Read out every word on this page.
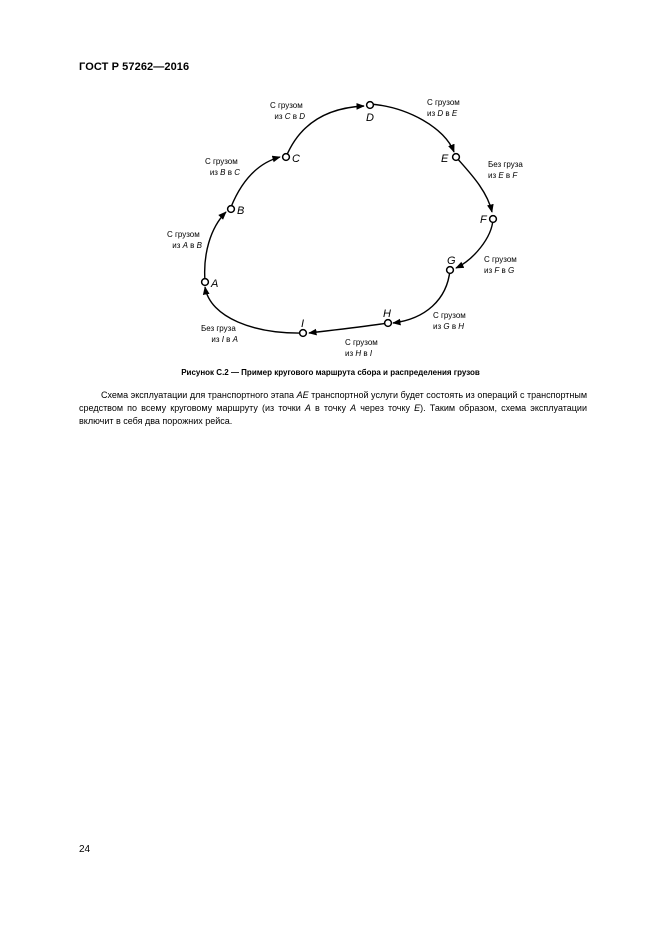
ГОСТ Р 57262—2016
A
B
C
D
E
F
G
H
I
С грузом из A в B
С грузом из B в C
С грузом из C в D
С грузом из D в E
Без груза из E в F
С грузом из F в G
С грузом из G в H
С грузом из H в I
Без груза из I в A
Рисунок С.2 — Пример кругового маршрута сбора и распределения грузов

Схема эксплуатации для транспортного этапа AE транспортной услуги будет состоять из операций с транспортным средством по всему круговому маршруту (из точки A в точку A через точку E). Таким образом, схема эксплуатации включит в себя два порожних рейса.

24
